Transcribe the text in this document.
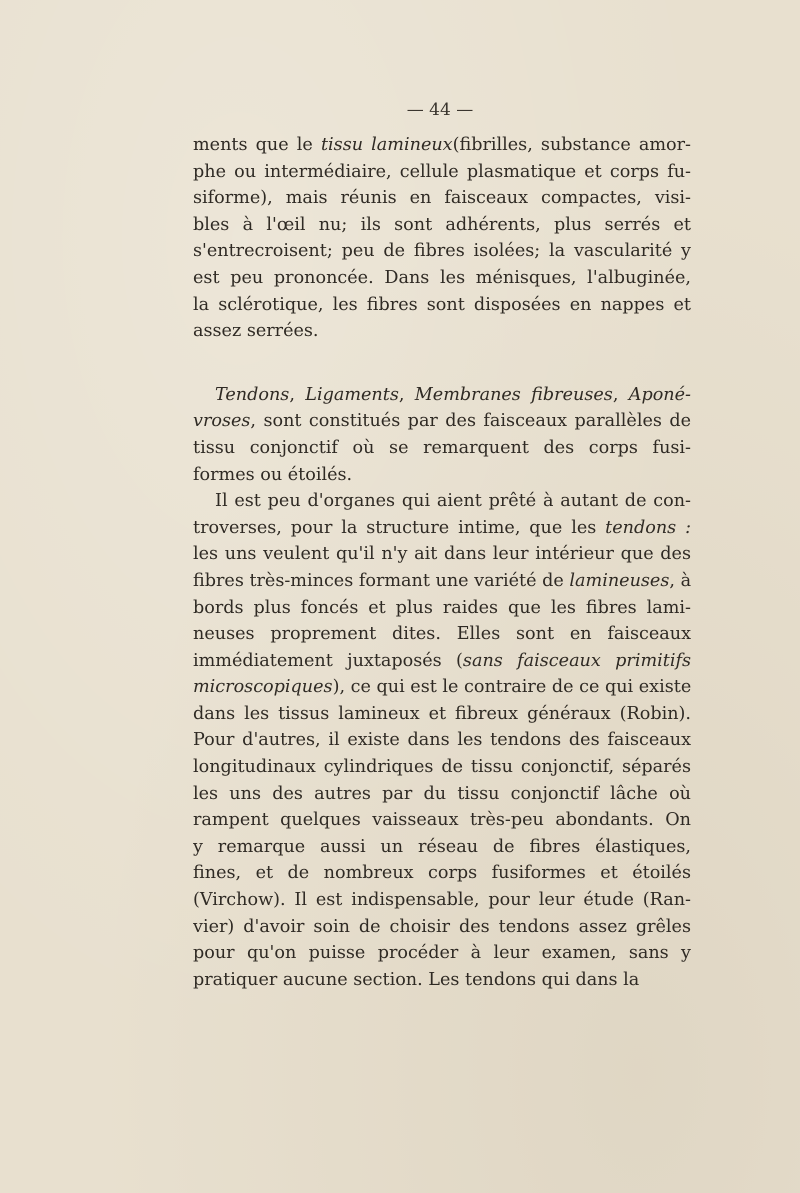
— 44 —
ments que le tissu lamineux(fibrilles, substance amor-
phe ou intermédiaire, cellule plasmatique et corps fu-
siforme), mais réunis en faisceaux compactes, visi-
bles à l'œil nu; ils sont adhérents, plus serrés et
s'entrecroisent; peu de fibres isolées; la vascularité y
est peu prononcée. Dans les ménisques, l'albuginée,
la sclérotique, les fibres sont disposées en nappes et
assez serrées.
Tendons, Ligaments, Membranes fibreuses, Aponé-
vroses, sont constitués par des faisceaux parallèles de
tissu conjonctif où se remarquent des corps fusi-
formes ou étoilés.
Il est peu d'organes qui aient prêté à autant de con-
troverses, pour la structure intime, que les tendons :
les uns veulent qu'il n'y ait dans leur intérieur que des
fibres très-minces formant une variété de lamineuses, à
bords plus foncés et plus raides que les fibres lami-
neuses proprement dites. Elles sont en faisceaux
immédiatement juxtaposés (sans faisceaux primitifs
microscopiques), ce qui est le contraire de ce qui existe
dans les tissus lamineux et fibreux généraux (Robin).
Pour d'autres, il existe dans les tendons des faisceaux
longitudinaux cylindriques de tissu conjonctif, séparés
les uns des autres par du tissu conjonctif lâche où
rampent quelques vaisseaux très-peu abondants. On
y remarque aussi un réseau de fibres élastiques,
fines, et de nombreux corps fusiformes et étoilés
(Virchow). Il est indispensable, pour leur étude (Ran-
vier) d'avoir soin de choisir des tendons assez grêles
pour qu'on puisse procéder à leur examen, sans y
pratiquer aucune section. Les tendons qui dans la
